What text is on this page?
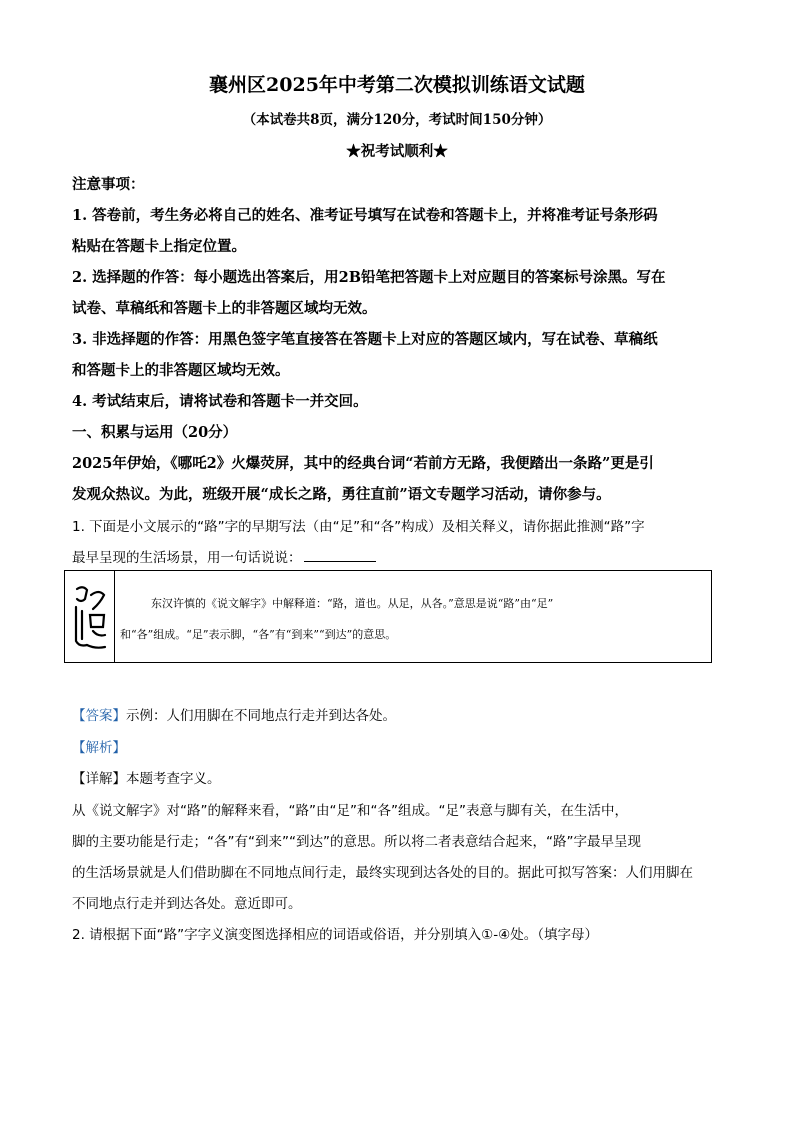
襄州区2025年中考第二次模拟训练语文试题
（本试卷共8页，满分120分，考试时间150分钟）
★祝考试顺利★
注意事项：
1. 答卷前，考生务必将自己的姓名、准考证号填写在试卷和答题卡上，并将准考证号条形码
粘贴在答题卡上指定位置。
2. 选择题的作答：每小题选出答案后，用2B铅笔把答题卡上对应题目的答案标号涂黑。写在
试卷、草稿纸和答题卡上的非答题区域均无效。
3. 非选择题的作答：用黑色签字笔直接答在答题卡上对应的答题区域内，写在试卷、草稿纸
和答题卡上的非答题区域均无效。
4. 考试结束后，请将试卷和答题卡一并交回。
一、积累与运用（20分）
2025年伊始，《哪吒2》火爆荧屏，其中的经典台词“若前方无路，我便踏出一条路”更是引
发观众热议。为此，班级开展“成长之路，勇往直前”语文专题学习活动，请你参与。
1. 下面是小文展示的“路”字的早期写法（由“足”和“各”构成）及相关释义，请你据此推测“路”字
最早呈现的生活场景，用一句话说说：
东汉许慎的《说文解字》中解释道：“路，道也。从足，从各。”意思是说“路”由“足”
和“各”组成。“足”表示脚，“各”有“到来”“到达”的意思。
【答案】示例：人们用脚在不同地点行走并到达各处。
【解析】
【详解】本题考查字义。
从《说文解字》对“路”的解释来看，“路”由“足”和“各”组成。“足”表意与脚有关，在生活中，
脚的主要功能是行走；“各”有“到来”“到达”的意思。所以将二者表意结合起来，“路”字最早呈现
的生活场景就是人们借助脚在不同地点间行走，最终实现到达各处的目的。据此可拟写答案：人们用脚在
不同地点行走并到达各处。意近即可。
2. 请根据下面“路”字字义演变图选择相应的词语或俗语，并分别填入①-④处。（填字母）
